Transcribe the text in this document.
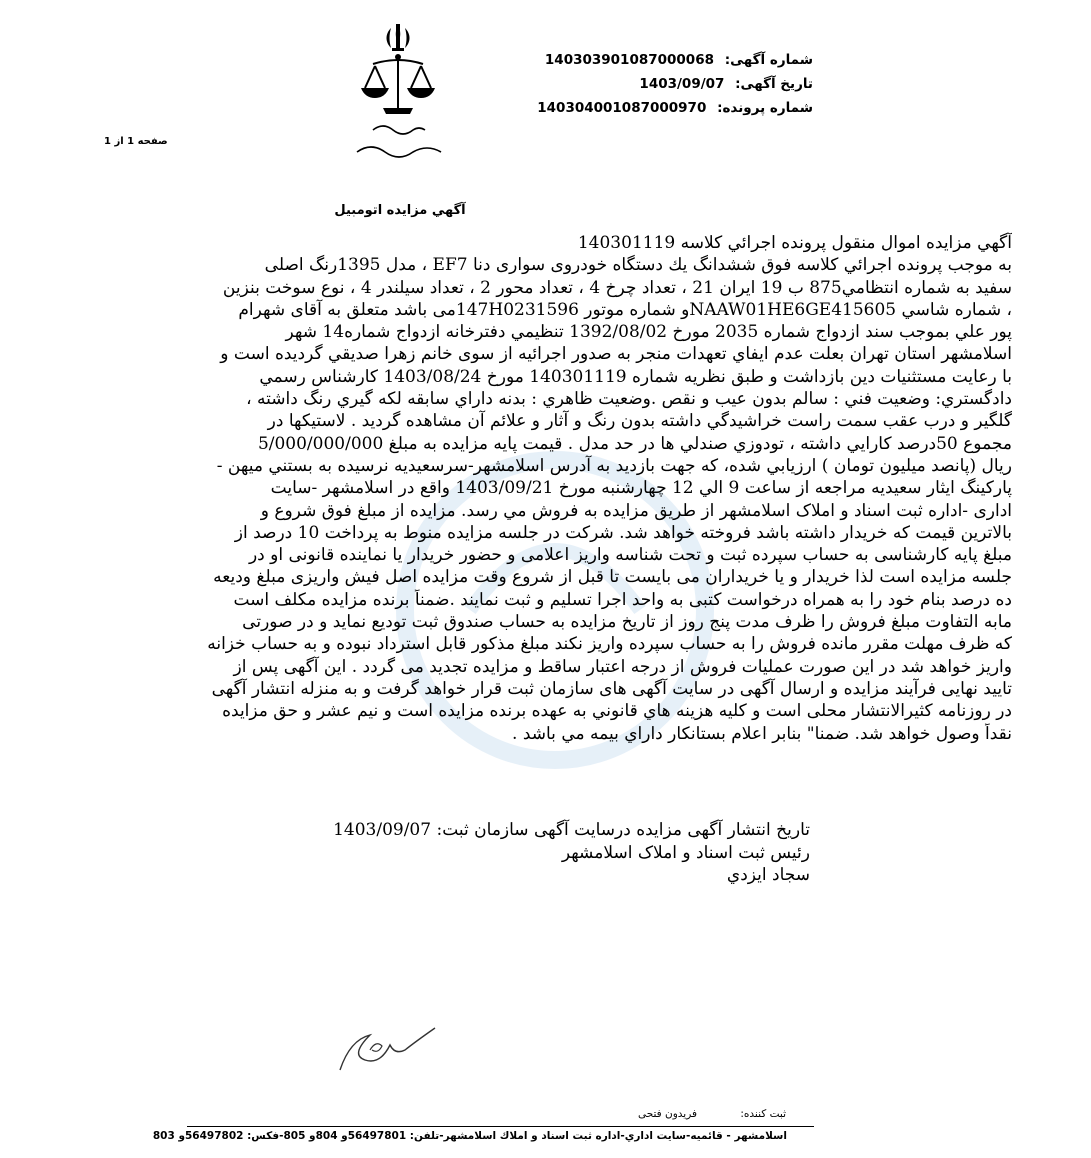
شماره آگهی: 140303901087000068
تاريخ آگهی: 1403/09/07
شماره پرونده: 140304001087000970
صفحه 1 از 1
آگهي مزايده اتومبيل
آگهي مزايده اموال منقول پرونده اجرائي کلاسه 140301119
به موجب پرونده اجرائي كلاسه فوق ششدانگ يك دستگاه خودروی سواری دنا EF7 ، مدل 1395رنگ اصلی
سفيد به شماره انتظامي875 ب 19 ايران 21 ، تعداد چرخ 4 ، تعداد محور 2 ، تعداد سيلندر 4 ، نوع سوخت بنزين
، شماره شاسي NAAW01HE6GE415605و شماره موتور 147H0231596می باشد متعلق به آقای شهرام
پور علي بموجب سند ازدواج شماره 2035 مورخ 1392/08/02 تنظيمي دفترخانه ازدواج شماره14 شهر
اسلامشهر استان تهران بعلت عدم ايفاي تعهدات منجر به صدور اجرائيه از سوی خانم زهرا صديقي گرديده است و
با رعايت مستثنيات دين بازداشت و طبق نظريه شماره 140301119 مورخ 1403/08/24 کارشناس رسمي
دادگستري: وضعيت فني : سالم بدون عيب و نقص .وضعيت ظاهري : بدنه داراي سابقه لكه گيري رنگ داشته ،
گلگير و درب عقب سمت راست خراشيدگي داشته بدون رنگ و آثار و علائم آن مشاهده گرديد . لاستيكها در
مجموع 50درصد كارايي داشته ، تودوزي صندلي ها در حد مدل . قيمت پايه مزايده به مبلغ 5/000/000/000
ريال (پانصد ميليون تومان ) ارزيابي شده، كه جهت بازديد به آدرس اسلامشهر-سرسعيديه نرسيده به بستني ميهن -
پاركينگ ايثار سعيديه مراجعه از ساعت 9 الي 12 چهارشنبه مورخ 1403/09/21 واقع در اسلامشهر -سايت
اداری -اداره ثبت اسناد و املاک اسلامشهر از طريق مزايده به فروش مي رسد. مزايده از مبلغ فوق شروع و
بالاترين قيمت كه خريدار داشته باشد فروخته خواهد شد. شركت در جلسه مزايده منوط به پرداخت 10 درصد از
مبلغ پايه كارشناسی به حساب سپرده ثبت و تحت شناسه واريز اعلامی و حضور خريدار يا نماينده قانونی او در
جلسه مزايده است لذا خريدار و يا خريداران می بايست تا قبل از شروع وقت مزايده اصل فيش واريزی مبلغ وديعه
ده درصد بنام خود را به همراه درخواست كتبی به واحد اجرا تسليم و ثبت نمايند .ضمناً برنده مزايده مكلف است
مابه التفاوت مبلغ فروش را ظرف مدت پنج روز از تاريخ مزايده به حساب صندوق ثبت توديع نمايد و در صورتی
كه ظرف مهلت مقرر مانده فروش را به حساب سپرده واريز نكند مبلغ مذكور قابل استرداد نبوده و به حساب خزانه
واريز خواهد شد در اين صورت عمليات فروش از درجه اعتبار ساقط و مزايده تجديد می گردد . اين آگهی پس از
تاييد نهايی فرآيند مزايده و ارسال آگهی در سايت آگهی های سازمان ثبت قرار خواهد گرفت و به منزله انتشار آگهی
در روزنامه كثيرالانتشار محلی است و كليه هزينه هاي قانوني به عهده برنده مزايده است و نيم عشر و حق مزايده
نقداً وصول خواهد شد. ضمنا" بنابر اعلام بستانکار داراي بيمه مي باشد .
تاريخ انتشار آگهی مزايده درسايت آگهی سازمان ثبت: 1403/09/07
رئيس ثبت اسناد و املاک اسلامشهر
سجاد ايزدي
ثبت كننده: فريدون فتحی
اسلامشهر - قائميه-سايت اداري-اداره ثبت اسناد و املاك اسلامشهر-تلفن: 56497801و 804و 805-فكس: 56497802و 803
